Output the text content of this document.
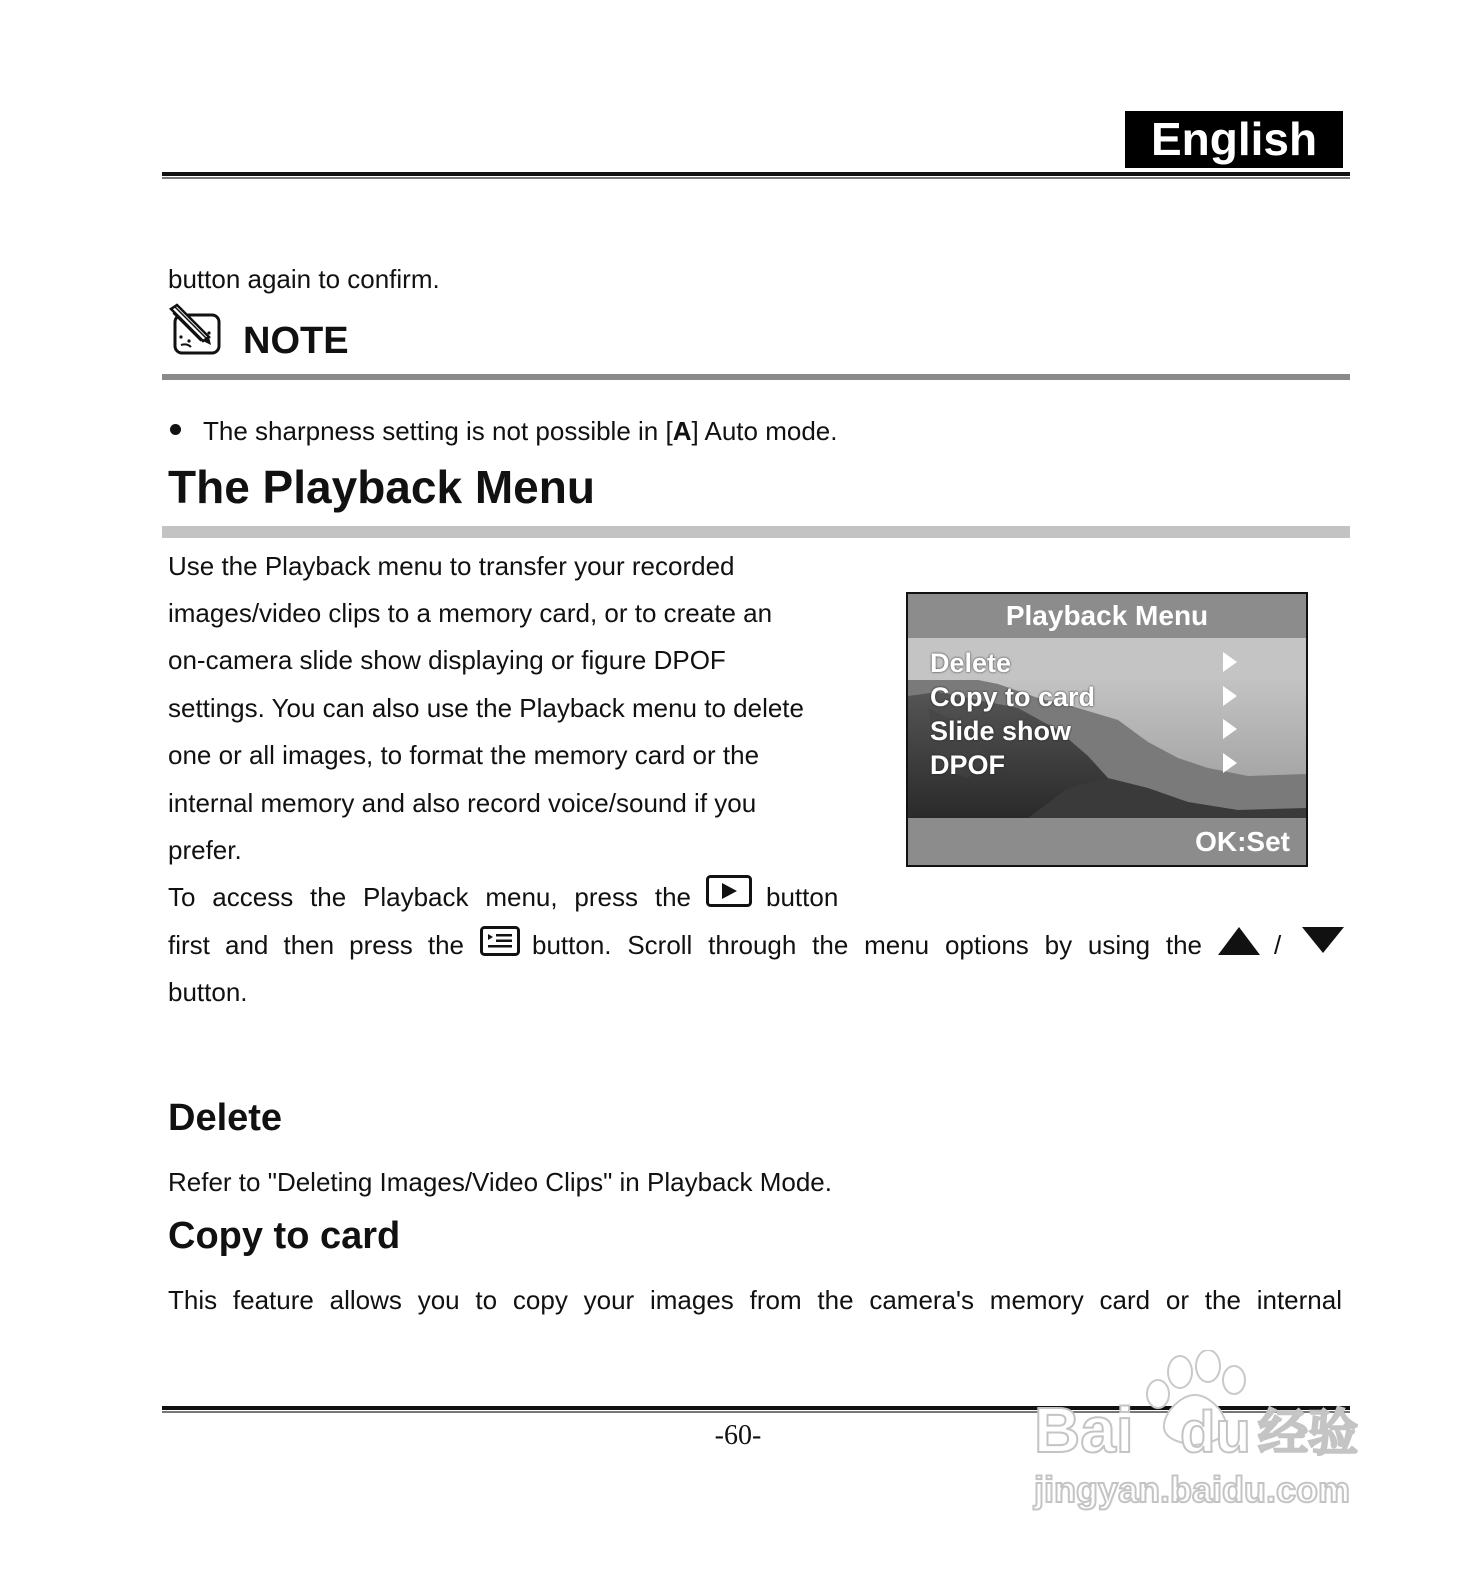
English
button again to confirm.
NOTE
The sharpness setting is not possible in [A] Auto mode.
The Playback Menu
Use the Playback menu to transfer your recorded
images/video clips to a memory card, or to create an
on-camera slide show displaying or figure DPOF
settings. You can also use the Playback menu to delete
one or all images, to format the memory card or the
internal memory and also record voice/sound if you
prefer.
To access the Playback menu, press the	button
first and then press the	button. Scroll through the menu options by using the	/
button.
Playback Menu
Delete
Copy to card
Slide show
DPOF
OK:Set
Delete
Refer to "Deleting Images/Video Clips" in Playback Mode.
Copy to card
This feature allows you to copy your images from the camera's memory card or the internal
-60-	Bai du 经验
jingyan.baidu.com
